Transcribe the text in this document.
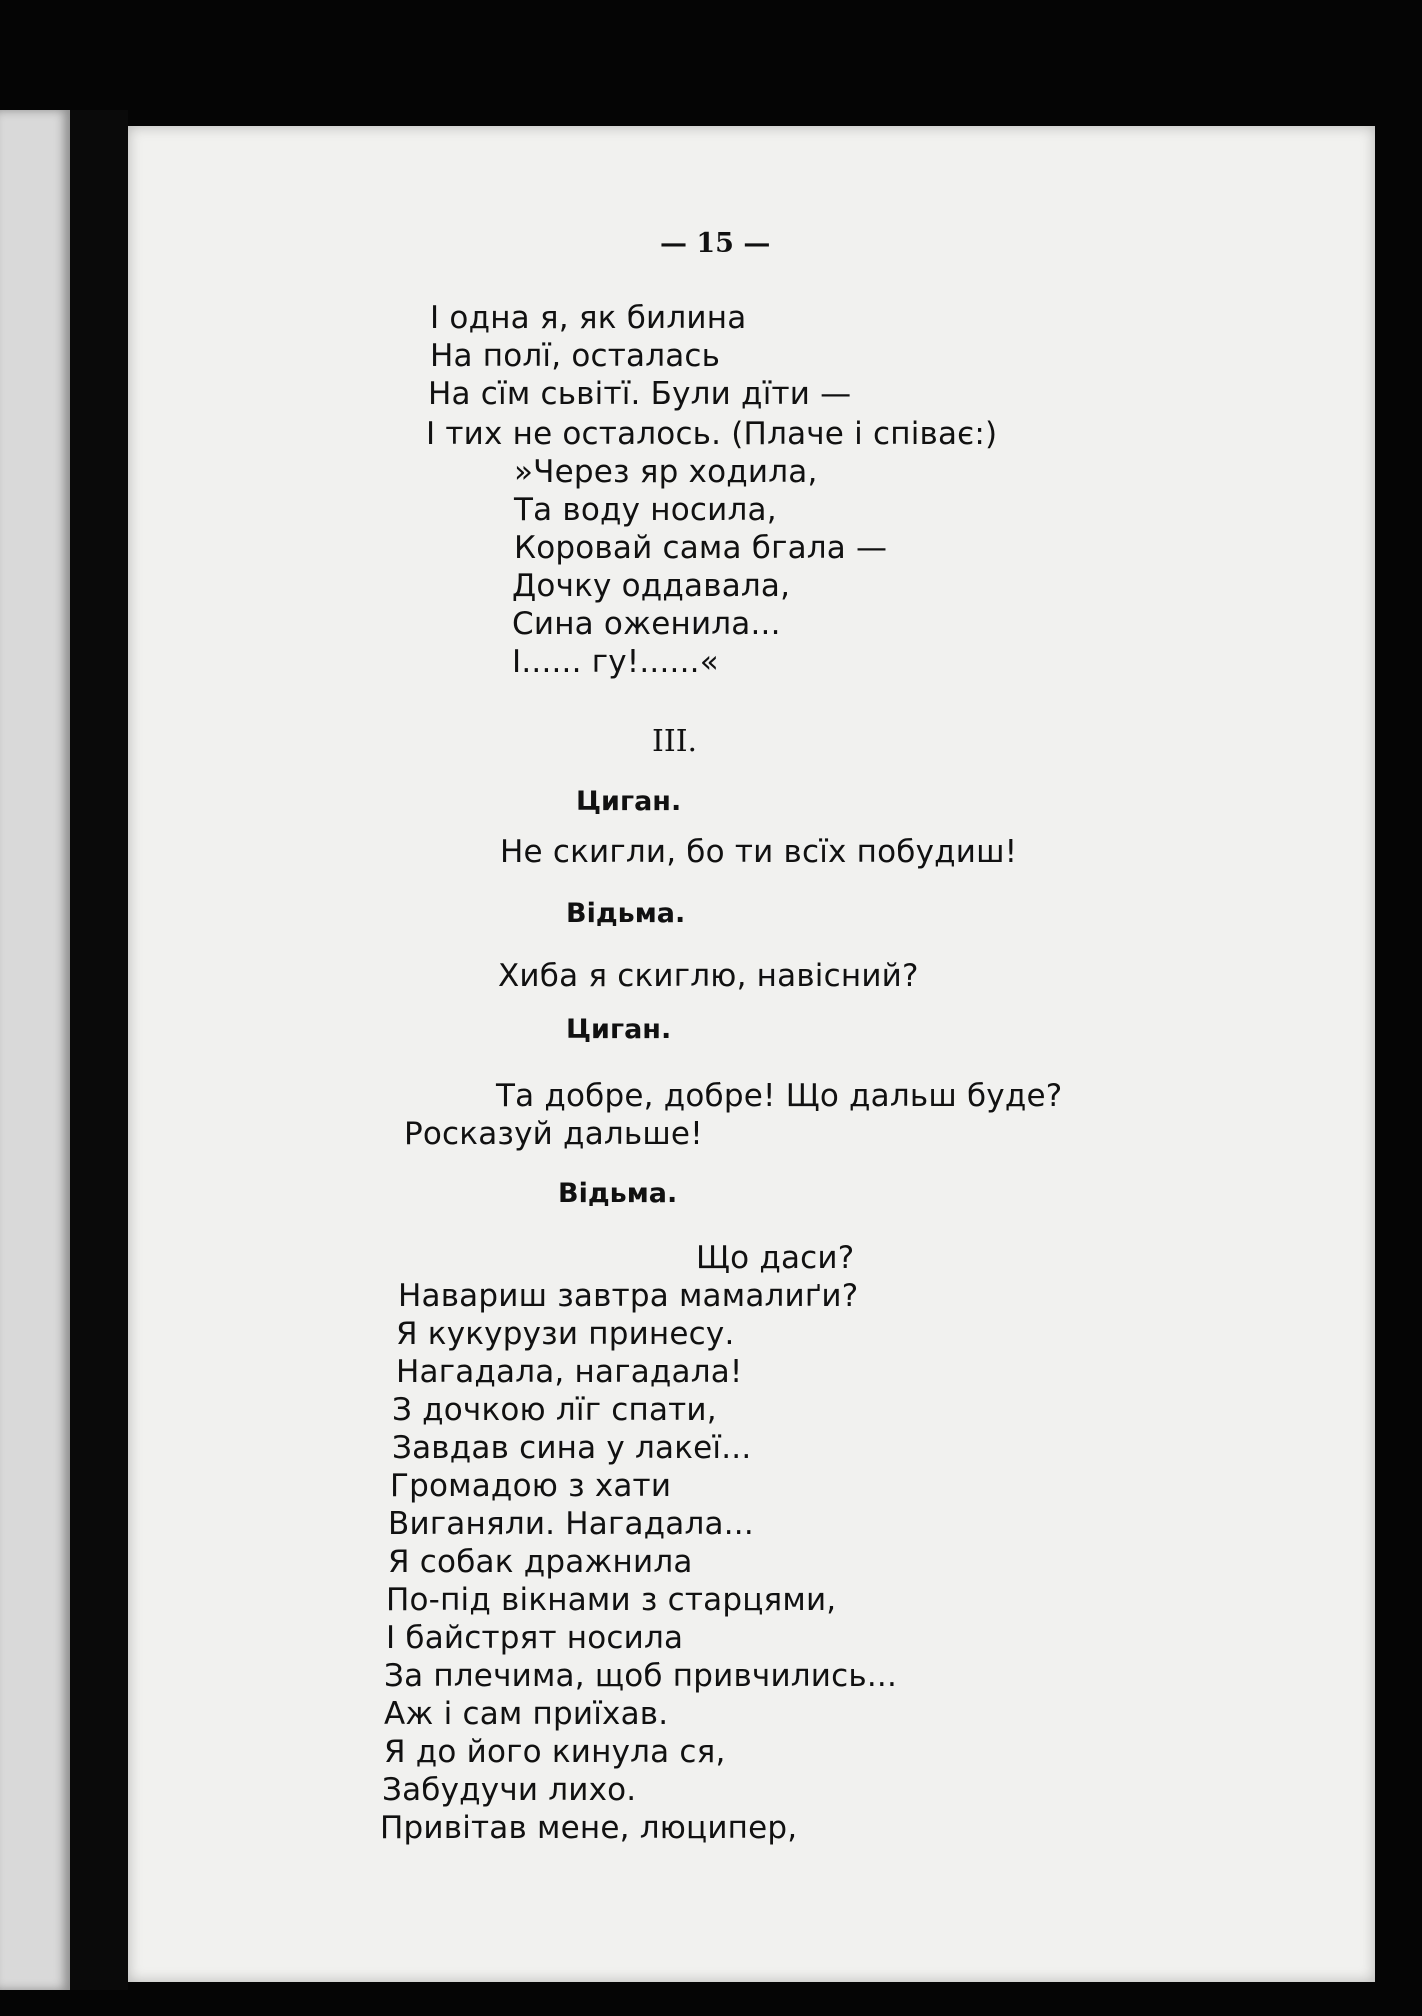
— 15 —
І одна я, як билина
На полї, осталась
На сїм сьвітї. Були дїти —
І тих не осталось. (Плаче і співає:)
»Через яр ходила,
Та воду носила,
Коровай сама бгала —
Дочку оддавала,
Сина оженила...
І...... гу!......«
III.
Циган.
Не скигли, бо ти всїх побудиш!
Відьма.
Хиба я скиглю, навісний?
Циган.
Та добре, добре! Що дальш буде?
Росказуй дальше!
Відьма.
Що даси?
Навариш завтра мамалиґи?
Я кукурузи принесу.
Нагадала, нагадала!
З дочкою лїг спати,
Завдав сина у лакеї...
Громадою з хати
Виганяли. Нагадала...
Я собак дражнила
По-під вікнами з старцями,
І байстрят носила
За плечима, щоб привчились...
Аж і сам приїхав.
Я до його кинула ся,
Забудучи лихо.
Привітав мене, люципер,
